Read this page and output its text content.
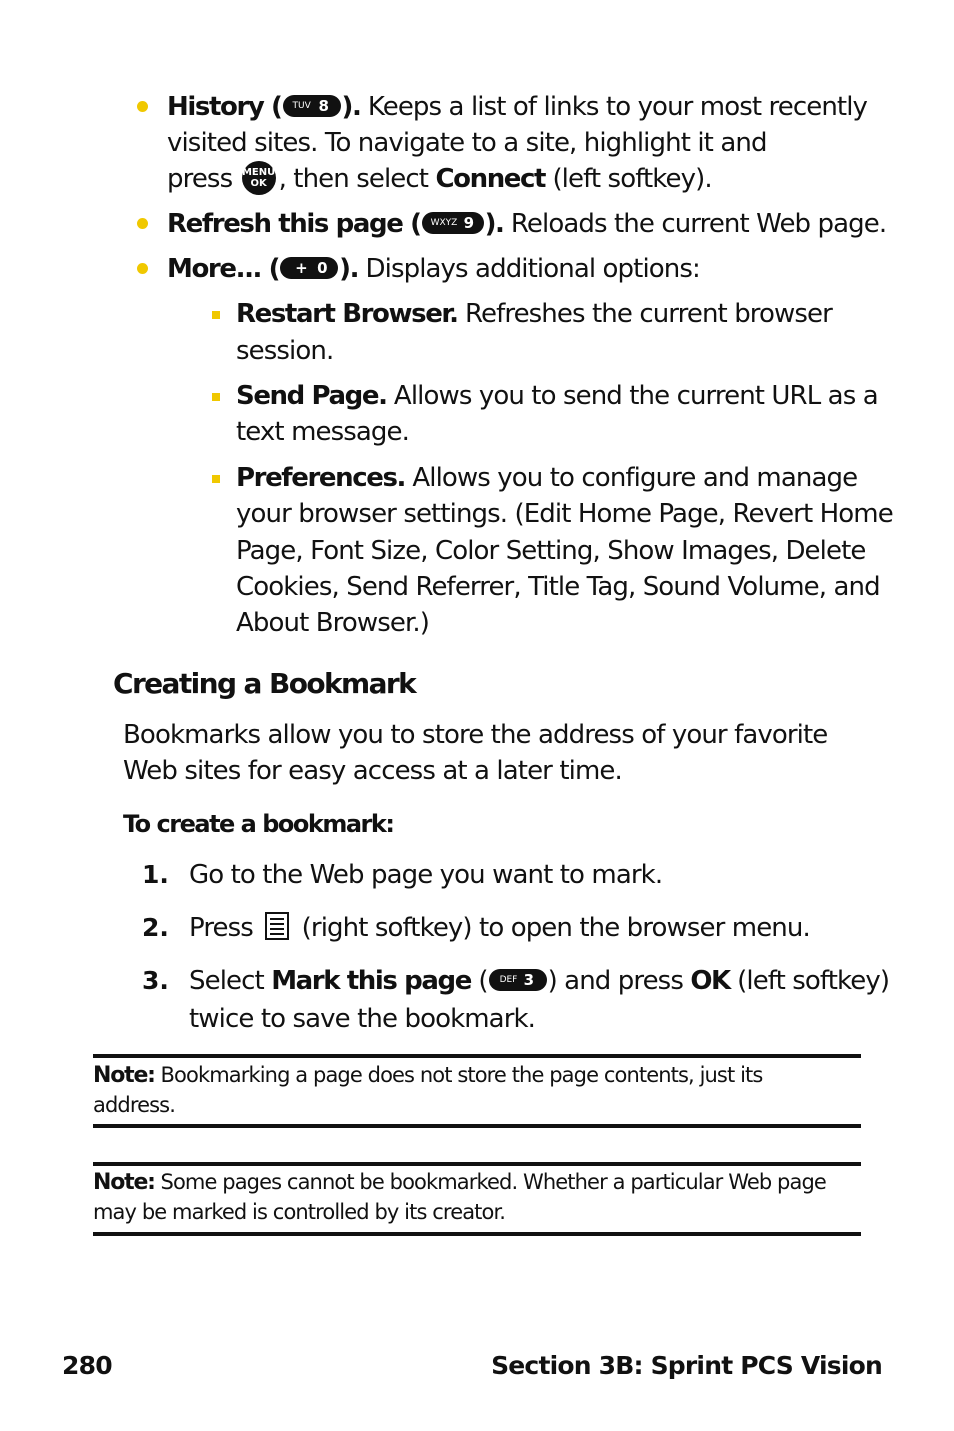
History ( TUV 8 ). Keeps a list of links to your most recently
visited sites. To navigate to a site, highlight it and
press MENU
OK , then select Connect (left softkey).
Refresh this page ( WXYZ 9 ). Reloads the current Web page.
More... ( + 0 ). Displays additional options:
Restart Browser. Refreshes the current browser
session.
Send Page. Allows you to send the current URL as a
text message.
Preferences. Allows you to configure and manage
your browser settings. (Edit Home Page, Revert Home
Page, Font Size, Color Setting, Show Images, Delete
Cookies, Send Referrer, Title Tag, Sound Volume, and
About Browser.)
Creating a Bookmark
Bookmarks allow you to store the address of your favorite
Web sites for easy access at a later time.
To create a bookmark:
1. Go to the Web page you want to mark.
2. Press  (right softkey) to open the browser menu.
3. Select Mark this page ( DEF 3 ) and press OK (left softkey)
twice to save the bookmark.
Note: Bookmarking a page does not store the page contents, just its
address.
Note: Some pages cannot be bookmarked. Whether a particular Web page
may be marked is controlled by its creator.
280	Section 3B: Sprint PCS Vision
